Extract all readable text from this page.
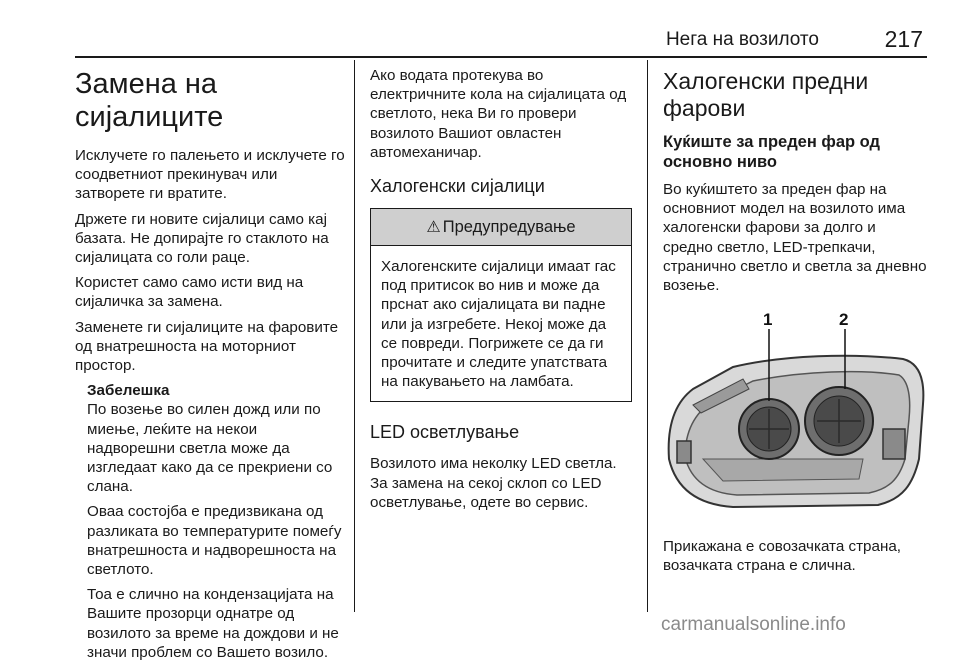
Нега на возилото	217
Замена на сијалиците

Исклучете го палењето и исклучете го соодветниот прекинувач или затворете ги вратите.

Држете ги новите сијалици само кај базата. Не допирајте го стаклото на сијалицата со голи раце.

Користет само само исти вид на сијаличка за замена.

Заменете ги сијалиците на фаровите од внатрешноста на моторниот простор.

Забелешка

По возење во силен дожд или по миење, леќите на некои надворешни светла може да изгледаат како да се прекриени со слана.

Оваа состојба е предизвикана од разликата во температурите помеѓу внатрешноста и надворешноста на светлото.

Тоа е слично на кондензацијата на Вашите прозорци однатре од возилото за време на дождови и не значи проблем со Вашето возило.

Ако водата протекува во електричните кола на сијалицата од светлото, нека Ви го провери возилото Вашиот овластен автомеханичар.

Халогенски сијалици
⚠ Предупредување

Халогенските сијалици имаат гас под притисок во нив и може да прснат ако сијалицата ви падне или ја изгребете. Некој може да се повреди. Погрижете се да ги прочитате и следите упатствата на пакувањето на ламбата.

LED осветлување

Возилото има неколку LED светла. За замена на секој склоп со LED осветлување, одете во сервис.

Халогенски предни фарови
Куќиште за преден фар од основно ниво

Во куќиштето за преден фар на основниот модел на возилото има халогенски фарови за долго и средно светло, LED-трепкачи, странично светло и светла за дневно возење.

1	2

Прикажана е совозачката страна, возачката страна е слична.

carmanualsonline.info
